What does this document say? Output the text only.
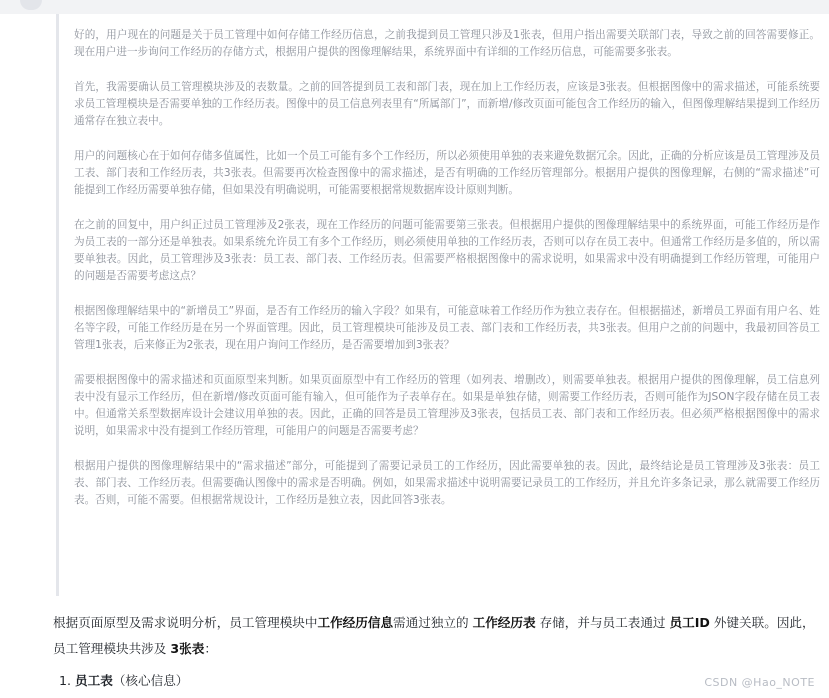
好的，用户现在的问题是关于员工管理中如何存储工作经历信息，之前我提到员工管理只涉及1张表，但用户指出需要关联部门表，导致之前的回答需要修正。现在用户进一步询问工作经历的存储方式，根据用户提供的图像理解结果，系统界面中有详细的工作经历信息，可能需要多张表。

首先，我需要确认员工管理模块涉及的表数量。之前的回答提到员工表和部门表，现在加上工作经历表，应该是3张表。但根据图像中的需求描述，可能系统要求员工管理模块是否需要单独的工作经历表。图像中的员工信息列表里有“所属部门”，而新增/修改页面可能包含工作经历的输入，但图像理解结果提到工作经历通常存在独立表中。

用户的问题核心在于如何存储多值属性，比如一个员工可能有多个工作经历，所以必须使用单独的表来避免数据冗余。因此，正确的分析应该是员工管理涉及员工表、部门表和工作经历表，共3张表。但需要再次检查图像中的需求描述，是否有明确的工作经历管理部分。根据用户提供的图像理解，右侧的“需求描述”可能提到工作经历需要单独存储，但如果没有明确说明，可能需要根据常规数据库设计原则判断。

在之前的回复中，用户纠正过员工管理涉及2张表，现在工作经历的问题可能需要第三张表。但根据用户提供的图像理解结果中的系统界面，可能工作经历是作为员工表的一部分还是单独表。如果系统允许员工有多个工作经历，则必须使用单独的工作经历表，否则可以存在员工表中。但通常工作经历是多值的，所以需要单独表。因此，员工管理涉及3张表：员工表、部门表、工作经历表。但需要严格根据图像中的需求说明，如果需求中没有明确提到工作经历管理，可能用户的问题是否需要考虑这点？

根据图像理解结果中的“新增员工”界面，是否有工作经历的输入字段？如果有，可能意味着工作经历作为独立表存在。但根据描述，新增员工界面有用户名、姓名等字段，可能工作经历是在另一个界面管理。因此，员工管理模块可能涉及员工表、部门表和工作经历表，共3张表。但用户之前的问题中，我最初回答员工管理1张表，后来修正为2张表，现在用户询问工作经历，是否需要增加到3张表？

需要根据图像中的需求描述和页面原型来判断。如果页面原型中有工作经历的管理（如列表、增删改），则需要单独表。根据用户提供的图像理解，员工信息列表中没有显示工作经历，但在新增/修改页面可能有输入，但可能作为子表单存在。如果是单独存储，则需要工作经历表，否则可能作为JSON字段存储在员工表中。但通常关系型数据库设计会建议用单独的表。因此，正确的回答是员工管理涉及3张表，包括员工表、部门表和工作经历表。但必须严格根据图像中的需求说明，如果需求中没有提到工作经历管理，可能用户的问题是否需要考虑？

根据用户提供的图像理解结果中的“需求描述”部分，可能提到了需要记录员工的工作经历，因此需要单独的表。因此，最终结论是员工管理涉及3张表：员工表、部门表、工作经历表。但需要确认图像中的需求是否明确。例如，如果需求描述中说明需要记录员工的工作经历，并且允许多条记录，那么就需要工作经历表。否则，可能不需要。但根据常规设计，工作经历是独立表，因此回答3张表。

根据页面原型及需求说明分析，员工管理模块中工作经历信息需通过独立的 工作经历表 存储，并与员工表通过 员工ID 外键关联。因此，员工管理模块共涉及 3张表：
1. 员工表（核心信息）	CSDN @Hao_NOTE
